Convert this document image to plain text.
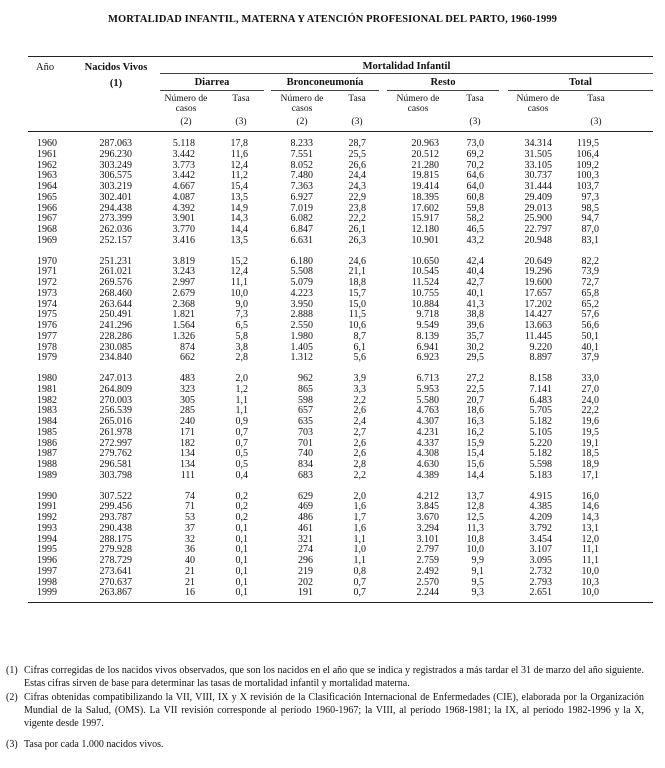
MORTALIDAD INFANTIL, MATERNA Y ATENCIÓN PROFESIONAL DEL PARTO, 1960-1999
Año	Nacidos Vivos
(1)
Mortalidad Infantil
Diarrea	Bronconeumonía	Resto	Total
Número de casos
(2)
Tasa
(3)
Número de casos
(2)
Tasa
(3)
Número de casos
Tasa
(3)
Número de casos
Tasa
(3)
1960	287.063	5.118	17,8	8.233	28,7	20.963	73,0	34.314	119,5
1961	296.230	3.442	11,6	7.551	25,5	20.512	69,2	31.505	106,4
1962	303.249	3.773	12,4	8.052	26,6	21.280	70,2	33.105	109,2
1963	306.575	3.442	11,2	7.480	24,4	19.815	64,6	30.737	100,3
1964	303.219	4.667	15,4	7.363	24,3	19.414	64,0	31.444	103,7
1965	302.401	4.087	13,5	6.927	22,9	18.395	60,8	29.409	97,3
1966	294.438	4.392	14,9	7.019	23,8	17.602	59,8	29.013	98,5
1967	273.399	3.901	14,3	6.082	22,2	15.917	58,2	25.900	94,7
1968	262.036	3.770	14,4	6.847	26,1	12.180	46,5	22.797	87,0
1969	252.157	3.416	13,5	6.631	26,3	10.901	43,2	20.948	83,1
1970	251.231	3.819	15,2	6.180	24,6	10.650	42,4	20.649	82,2
1971	261.021	3.243	12,4	5.508	21,1	10.545	40,4	19.296	73,9
1972	269.576	2.997	11,1	5.079	18,8	11.524	42,7	19.600	72,7
1973	268.460	2.679	10,0	4.223	15,7	10.755	40,1	17.657	65,8
1974	263.644	2.368	9,0	3.950	15,0	10.884	41,3	17.202	65,2
1975	250.491	1.821	7,3	2.888	11,5	9.718	38,8	14.427	57,6
1976	241.296	1.564	6,5	2.550	10,6	9.549	39,6	13.663	56,6
1977	228.286	1.326	5,8	1.980	8,7	8.139	35,7	11.445	50,1
1978	230.085	874	3,8	1.405	6,1	6.941	30,2	9.220	40,1
1979	234.840	662	2,8	1.312	5,6	6.923	29,5	8.897	37,9
1980	247.013	483	2,0	962	3,9	6.713	27,2	8.158	33,0
1981	264.809	323	1,2	865	3,3	5.953	22,5	7.141	27,0
1982	270.003	305	1,1	598	2,2	5.580	20,7	6.483	24,0
1983	256.539	285	1,1	657	2,6	4.763	18,6	5.705	22,2
1984	265.016	240	0,9	635	2,4	4.307	16,3	5.182	19,6
1985	261.978	171	0,7	703	2,7	4.231	16,2	5.105	19,5
1986	272.997	182	0,7	701	2,6	4.337	15,9	5.220	19,1
1987	279.762	134	0,5	740	2,6	4.308	15,4	5.182	18,5
1988	296.581	134	0,5	834	2,8	4.630	15,6	5.598	18,9
1989	303.798	111	0,4	683	2,2	4.389	14,4	5.183	17,1
1990	307.522	74	0,2	629	2,0	4.212	13,7	4.915	16,0
1991	299.456	71	0,2	469	1,6	3.845	12,8	4.385	14,6
1992	293.787	53	0,2	486	1,7	3.670	12,5	4.209	14,3
1993	290.438	37	0,1	461	1,6	3.294	11,3	3.792	13,1
1994	288.175	32	0,1	321	1,1	3.101	10,8	3.454	12,0
1995	279.928	36	0,1	274	1,0	2.797	10,0	3.107	11,1
1996	278.729	40	0,1	296	1,1	2.759	9,9	3.095	11,1
1997	273.641	21	0,1	219	0,8	2.492	9,1	2.732	10,0
1998	270.637	21	0,1	202	0,7	2.570	9,5	2.793	10,3
1999	263.867	16	0,1	191	0,7	2.244	9,3	2.651	10,0
(1) Cifras corregidas de los nacidos vivos observados, que son los nacidos en el año que se indica y registrados a más tardar el 31 de marzo del año siguiente. Estas cifras sirven de base para determinar las tasas de mortalidad infantil y mortalidad materna.
(2) Cifras obtenidas compatibilizando la VII, VIII, IX y X revisión de la Clasificación Internacional de Enfermedades (CIE), elaborada por la Organización Mundial de la Salud, (OMS). La VII revisión corresponde al período 1960-1967; la VIII, al período 1968-1981; la IX, al período 1982-1996 y la X, vigente desde 1997.
(3) Tasa por cada 1.000 nacidos vivos.
